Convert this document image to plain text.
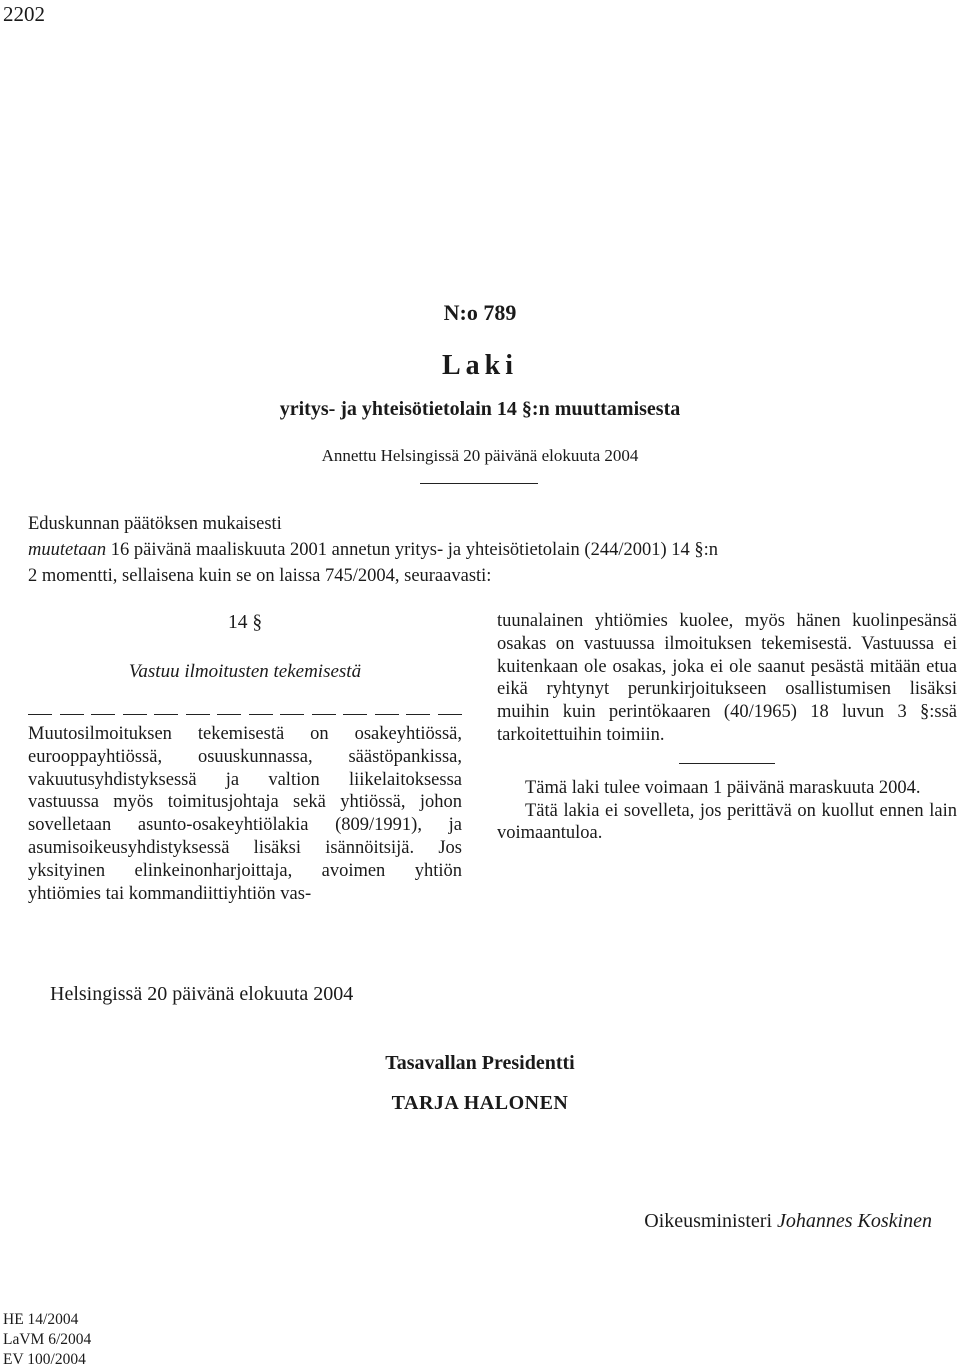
2202
N:o 789
Laki
yritys- ja yhteisötietolain 14 §:n muuttamisesta
Annettu Helsingissä 20 päivänä elokuuta 2004
Eduskunnan päätöksen mukaisesti
muutetaan 16 päivänä maaliskuuta 2001 annetun yritys- ja yhteisötietolain (244/2001) 14 §:n
2 momentti, sellaisena kuin se on laissa 745/2004, seuraavasti:
14 §
Vastuu ilmoitusten tekemisestä
Muutosilmoituksen tekemisestä on osakeyhtiössä, eurooppayhtiössä, osuuskunnassa, säästöpankissa, vakuutusyhdistyksessä ja valtion liikelaitoksessa vastuussa myös toimitusjohtaja sekä yhtiössä, johon sovelletaan asunto-osakeyhtiölakia (809/1991), ja asumisoikeusyhdistyksessä lisäksi isännöitsijä. Jos yksityinen elinkeinonharjoittaja, avoimen yhtiön yhtiömies tai kommandiittiyhtiön vas-
tuunalainen yhtiömies kuolee, myös hänen kuolinpesänsä osakas on vastuussa ilmoituksen tekemisestä. Vastuussa ei kuitenkaan ole osakas, joka ei ole saanut pesästä mitään etua eikä ryhtynyt perunkirjoitukseen osallistumisen lisäksi muihin kuin perintökaaren (40/1965) 18 luvun 3 §:ssä tarkoitettuihin toimiin.
Tämä laki tulee voimaan 1 päivänä maraskuuta 2004.
Tätä lakia ei sovelleta, jos perittävä on kuollut ennen lain voimaantuloa.
Helsingissä 20 päivänä elokuuta 2004
Tasavallan Presidentti
TARJA HALONEN
Oikeusministeri Johannes Koskinen
HE 14/2004
LaVM 6/2004
EV 100/2004
